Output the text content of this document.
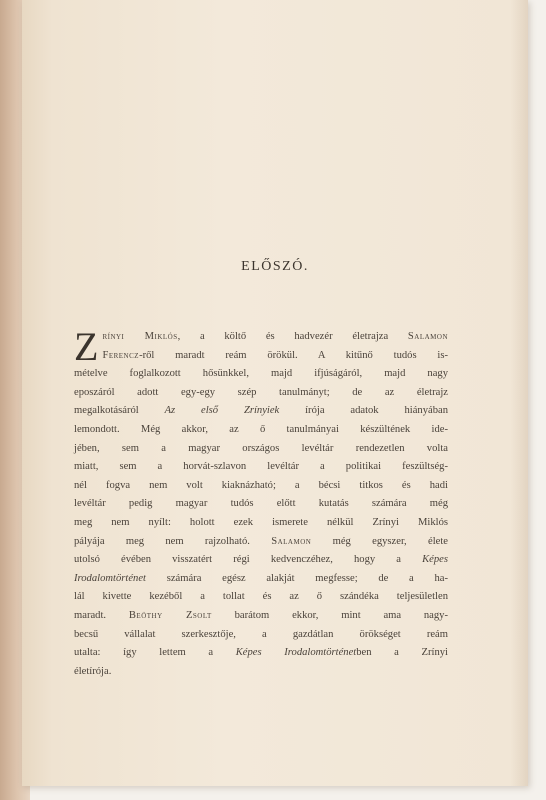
ELŐSZÓ.
Z rínyi Miklós, a költő és hadvezér életrajza Salamon
Ferencz-ről maradt reám örökül. A kitűnő tudós is-
mételve foglalkozott hősünkkel, majd ifjúságáról, majd nagy
eposzáról adott egy-egy szép tanulmányt; de az életrajz
megalkotásáról Az első Zrínyiek írója adatok hiányában
lemondott. Még akkor, az ő tanulmányai készültének ide-
jében, sem a magyar országos levéltár rendezetlen volta
miatt, sem a horvát-szlavon levéltár a politikai feszültség-
nél fogva nem volt kiaknázható; a bécsi titkos és hadi
levéltár pedig magyar tudós előtt kutatás számára még
meg nem nyílt: holott ezek ismerete nélkül Zrínyi Miklós
pályája meg nem rajzolható. Salamon még egyszer, élete
utolsó évében visszatért régi kedvenczéhez, hogy a Képes
Irodalomtörténet számára egész alakját megfesse; de a ha-
lál kivette kezéből a tollat és az ő szándéka teljesületlen
maradt. Beöthy Zsolt barátom ekkor, mint ama nagy-
becsű vállalat szerkesztője, a gazdátlan örökséget reám
utalta: így lettem a Képes Irodalomtörténetben a Zrínyi
életírója.
